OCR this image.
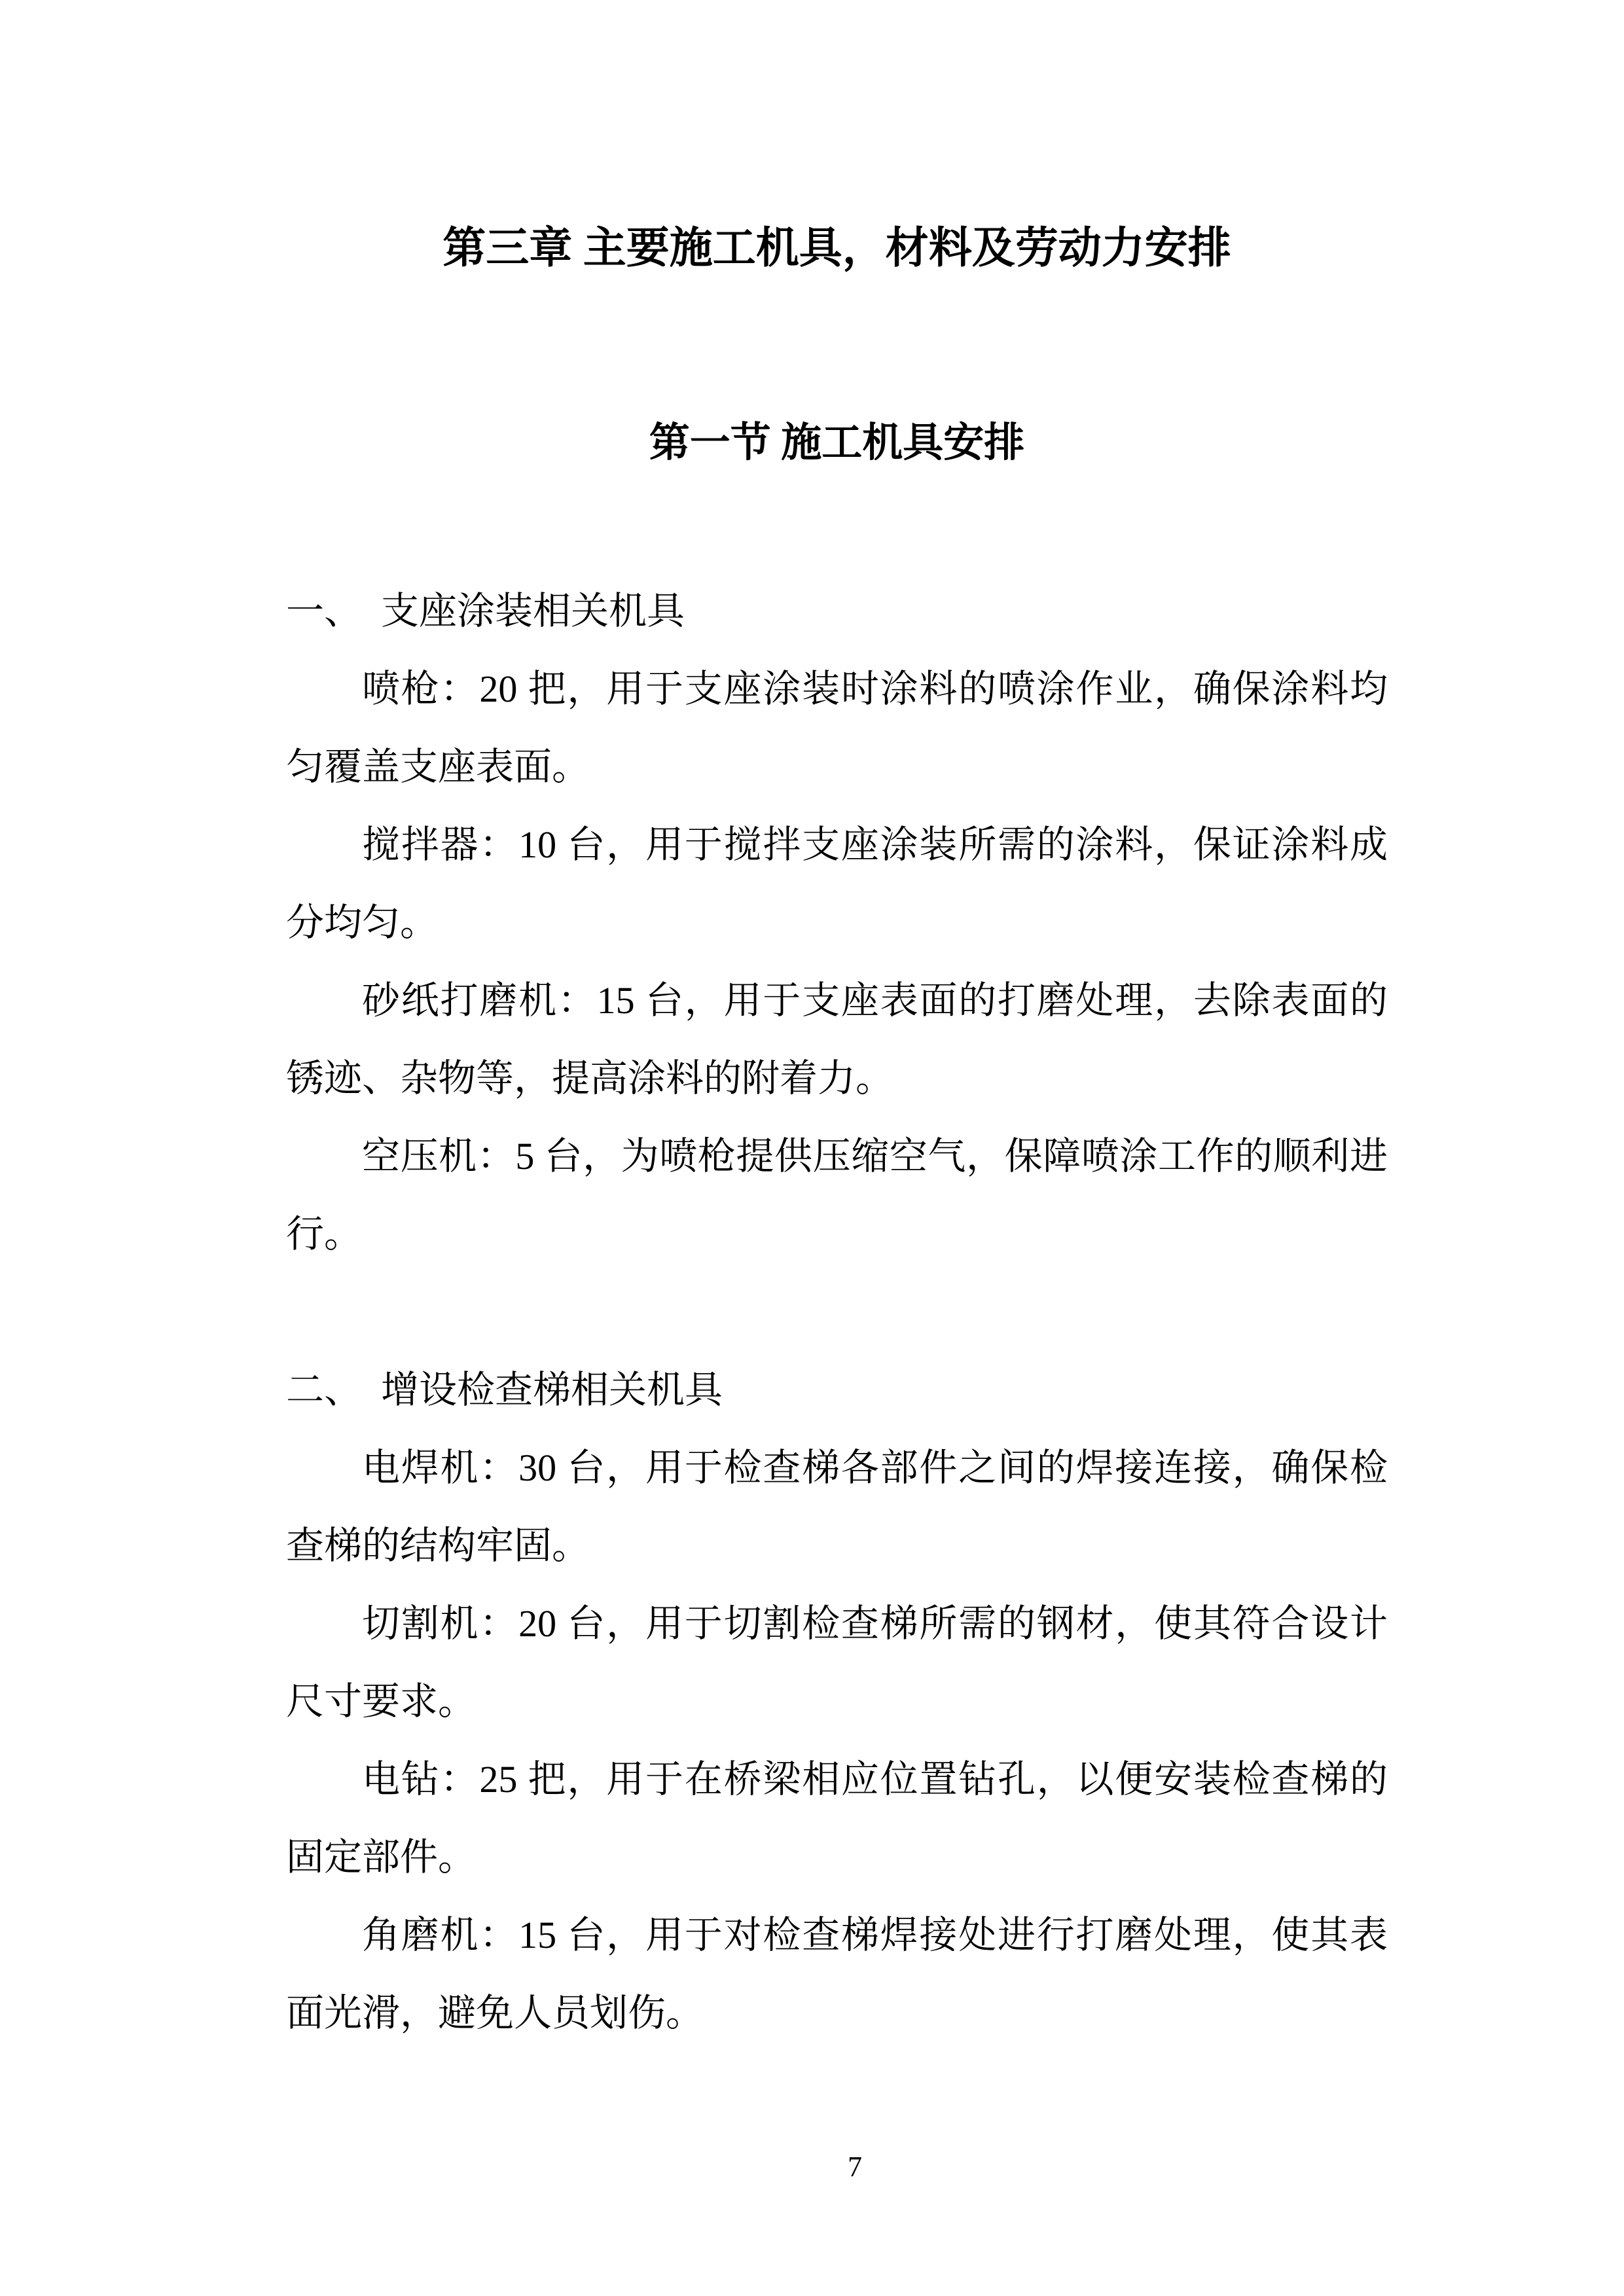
第三章 主要施工机具，材料及劳动力安排
第一节 施工机具安排

一、  支座涂装相关机具

喷枪：20 把，用于支座涂装时涂料的喷涂作业，确保涂料均匀覆盖支座表面。

搅拌器：10 台，用于搅拌支座涂装所需的涂料，保证涂料成分均匀。

砂纸打磨机：15 台，用于支座表面的打磨处理，去除表面的锈迹、杂物等，提高涂料的附着力。

空压机：5 台，为喷枪提供压缩空气，保障喷涂工作的顺利进行。

二、  增设检查梯相关机具

电焊机：30 台，用于检查梯各部件之间的焊接连接，确保检查梯的结构牢固。

切割机：20 台，用于切割检查梯所需的钢材，使其符合设计尺寸要求。

电钻：25 把，用于在桥梁相应位置钻孔，以便安装检查梯的固定部件。

角磨机：15 台，用于对检查梯焊接处进行打磨处理，使其表面光滑，避免人员划伤。

7
